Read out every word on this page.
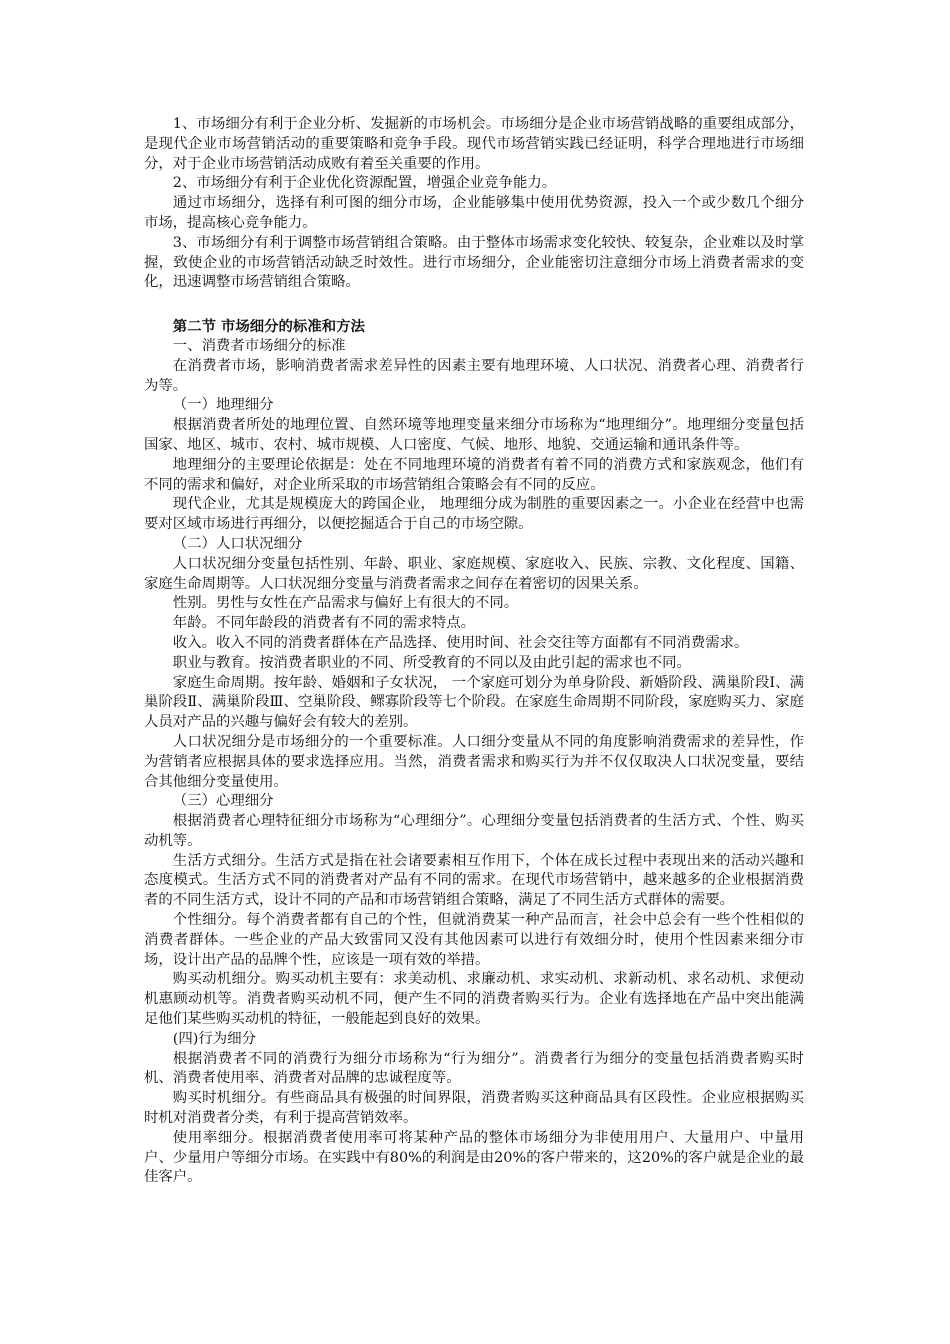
1、市场细分有利于企业分析、发掘新的市场机会。市场细分是企业市场营销战略的重要组成部分，是现代企业市场营销活动的重要策略和竞争手段。现代市场营销实践已经证明，科学合理地进行市场细分，对于企业市场营销活动成败有着至关重要的作用。

2、市场细分有利于企业优化资源配置，增强企业竞争能力。

通过市场细分，选择有利可图的细分市场，企业能够集中使用优势资源，投入一个或少数几个细分市场，提高核心竞争能力。

3、市场细分有利于调整市场营销组合策略。由于整体市场需求变化较快、较复杂，企业难以及时掌握，致使企业的市场营销活动缺乏时效性。进行市场细分，企业能密切注意细分市场上消费者需求的变化，迅速调整市场营销组合策略。

第二节 市场细分的标准和方法

一、消费者市场细分的标准

在消费者市场，影响消费者需求差异性的因素主要有地理环境、人口状况、消费者心理、消费者行为等。

（一）地理细分

根据消费者所处的地理位置、自然环境等地理变量来细分市场称为“地理细分”。地理细分变量包括国家、地区、城市、农村、城市规模、人口密度、气候、地形、地貌、交通运输和通讯条件等。

地理细分的主要理论依据是：处在不同地理环境的消费者有着不同的消费方式和家族观念，他们有不同的需求和偏好，对企业所采取的市场营销组合策略会有不同的反应。

现代企业，尤其是规模庞大的跨国企业， 地理细分成为制胜的重要因素之一。小企业在经营中也需要对区域市场进行再细分，以便挖掘适合于自己的市场空隙。

（二）人口状况细分

人口状况细分变量包括性别、年龄、职业、家庭规模、家庭收入、民族、宗教、文化程度、国籍、家庭生命周期等。人口状况细分变量与消费者需求之间存在着密切的因果关系。

性别。男性与女性在产品需求与偏好上有很大的不同。

年龄。不同年龄段的消费者有不同的需求特点。

收入。收入不同的消费者群体在产品选择、使用时间、社会交往等方面都有不同消费需求。

职业与教育。按消费者职业的不同、所受教育的不同以及由此引起的需求也不同。

家庭生命周期。按年龄、婚姻和子女状况， 一个家庭可划分为单身阶段、新婚阶段、满巢阶段Ⅰ、满巢阶段Ⅱ、满巢阶段Ⅲ、空巢阶段、鳏寡阶段等七个阶段。在家庭生命周期不同阶段，家庭购买力、家庭人员对产品的兴趣与偏好会有较大的差别。

人口状况细分是市场细分的一个重要标准。人口细分变量从不同的角度影响消费需求的差异性，作为营销者应根据具体的要求选择应用。当然，消费者需求和购买行为并不仅仅取决人口状况变量，要结合其他细分变量使用。

（三）心理细分

根据消费者心理特征细分市场称为“心理细分”。心理细分变量包括消费者的生活方式、个性、购买动机等。

生活方式细分。生活方式是指在社会诸要素相互作用下，个体在成长过程中表现出来的活动兴趣和态度模式。生活方式不同的消费者对产品有不同的需求。在现代市场营销中，越来越多的企业根据消费者的不同生活方式，设计不同的产品和市场营销组合策略，满足了不同生活方式群体的需要。

个性细分。每个消费者都有自己的个性，但就消费某一种产品而言，社会中总会有一些个性相似的消费者群体。一些企业的产品大致雷同又没有其他因素可以进行有效细分时，使用个性因素来细分市场，设计出产品的品牌个性，应该是一项有效的举措。

购买动机细分。购买动机主要有：求美动机、求廉动机、求实动机、求新动机、求名动机、求便动机惠顾动机等。消费者购买动机不同，便产生不同的消费者购买行为。企业有选择地在产品中突出能满足他们某些购买动机的特征，一般能起到良好的效果。

(四)行为细分

根据消费者不同的消费行为细分市场称为“行为细分”。消费者行为细分的变量包括消费者购买时机、消费者使用率、消费者对品牌的忠诚程度等。

购买时机细分。有些商品具有极强的时间界限，消费者购买这种商品具有区段性。企业应根据购买时机对消费者分类，有利于提高营销效率。

使用率细分。根据消费者使用率可将某种产品的整体市场细分为非使用用户、大量用户、中量用户、少量用户等细分市场。在实践中有80%的利润是由20%的客户带来的，这20%的客户就是企业的最佳客户。
